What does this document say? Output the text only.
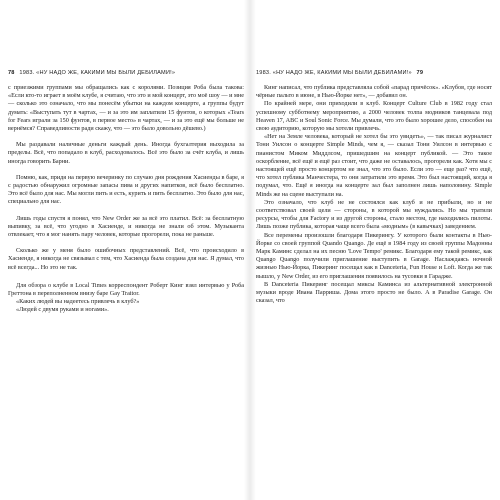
78 1983. «НУ НАДО ЖЕ, КАКИМИ МЫ БЫЛИ ДЕБИЛАМИ!»

с приезжими группами мы обращались как с королями. Позиция Роба была такова: «Если кто-то играет в моём клубе, я считаю, что это и мой концерт, это моё шоу — и мне — сколько это означало, что мы понесём убытки на каждом концерте, а группы будут думать: «Выступать тут в чартах, — и за это им заплатили 15 фунтов, о которых «Tears for Fears играли за 150 фунтов, в первое место» в чартах, — и за это ещё мы больше не вернёмся? Справедливости ради скажу, что — это было довольно дёшево.)

Мы раздавали наличные деньги каждый день. Иногда бухгалтерия выходила за пределы. Всё, что попадало в клуб, расходовалось. Всё это было за счёт клуба, и лишь иногда говорить Барни.

Помню, как, придя на первую вечеринку по случаю дня рождения Хасиенды в баре, я с радостью обнаружил огромные запасы пива и других напитков, всё было бесплатно. Это всё было для нас. Мы могли пить и есть, курить и пить бесплатно. Это было для нас, специально для нас.

Лишь годы спустя я понял, что New Order же за всё это платил. Всё: за бесплатную выпивку, за всё, что угодно в Хасиенде, и никогда не знали об этом. Музыканта отвлекает, что я мог нанять пару человек, которые прогорели, пока не раньше.

Сколько же у меня было ошибочных представлений. Всё, что происходило в Хасиенде, я никогда не связывал с тем, что Хасиенда была создана для нас. Я думал, что всё всегда... Но это не так.

Для обзора о клубе в Local Times корреспондент Роберт Кинг взял интервью у Роба Греттона в переполненном внизу баре Gay Traitor.

«Каких людей вы надеетесь привлечь в клуб?»

«Людей с двумя руками и ногами».

1983. «НУ НАДО ЖЕ, КАКИМИ МЫ БЫЛИ ДЕБИЛАМИ!» 79

Кинг написал, что публика представляла собой «парад причёсок». «Клубов, где носят чёрные пальто в июне, в Нью-Йорке нет», — добавил он.

По крайней мере, они приходили в клуб. Концерт Culture Club в 1982 году стал успешному субботнему мероприятию, а 2000 человек толпа модников танцевала под Heaven 17, ABC и Soul Sonic Force. Мы думали, что это было хорошее дело, способен на свою аудиторию, которую мы хотели привлечь.

«Нет на Земле человека, который не хотел бы это увидеть», — так писал журналист Тони Уилсон о концерте Simple Minds, чем я, — сказал Тони Уилсон в интервью с пианистом Миком Миддлсом, пришедшим на концерт публикой. — Это такое оскорбление, всё ещё и ещё раз стоит, что даже не оставалось, прогорели как. Хотя мы с настоящей ещё просто концертом не знал, что это было. Если это — еще раз? что ещё, что хотел публика Манчестера, то они затратили это время. Это был настоящий, когда я подумал, что. Ещё я иногда на концерте зал был заполнен лишь наполовину. Simple Minds же на сцене выступали на.

Это означало, что клуб не не состоялся как клуб и не прибыли, но и не соответствовал своей цели — стороны, в которой мы нуждались. Но мы тратили ресурсы, чтобы для Factory и из другой стороны, стало местом, где находились пилоты. Лишь позже публика, которая чаще всего была «модным» (в кавычках) заведением.

Все перемены произошли благодаря Пикерингу. У которого были контакты в Нью-Йорке со своей группой Quando Quango. Де ещё в 1984 году из своей группы Мадонны Марк Каминс сделал на их песню 'Love Tempo' ремикс. Благодаря ему такой ремикс, как Quango Quango получили приглашение выступить в Garage. Наслаждаясь ночной жизнью Нью-Йорка, Пикеринг посещал как в Danceteria, Fun House и Loft. Когда же так вышло, у New Order, из его приглашения появилось на тусовки в Гарадже.

В Danceteria Пикеринг посещал миксы Каминса из альтернативной электронной музыки вроде Ивана Парриша. Дома этого просто не было. А в Paradise Garage. Он сказал, что
